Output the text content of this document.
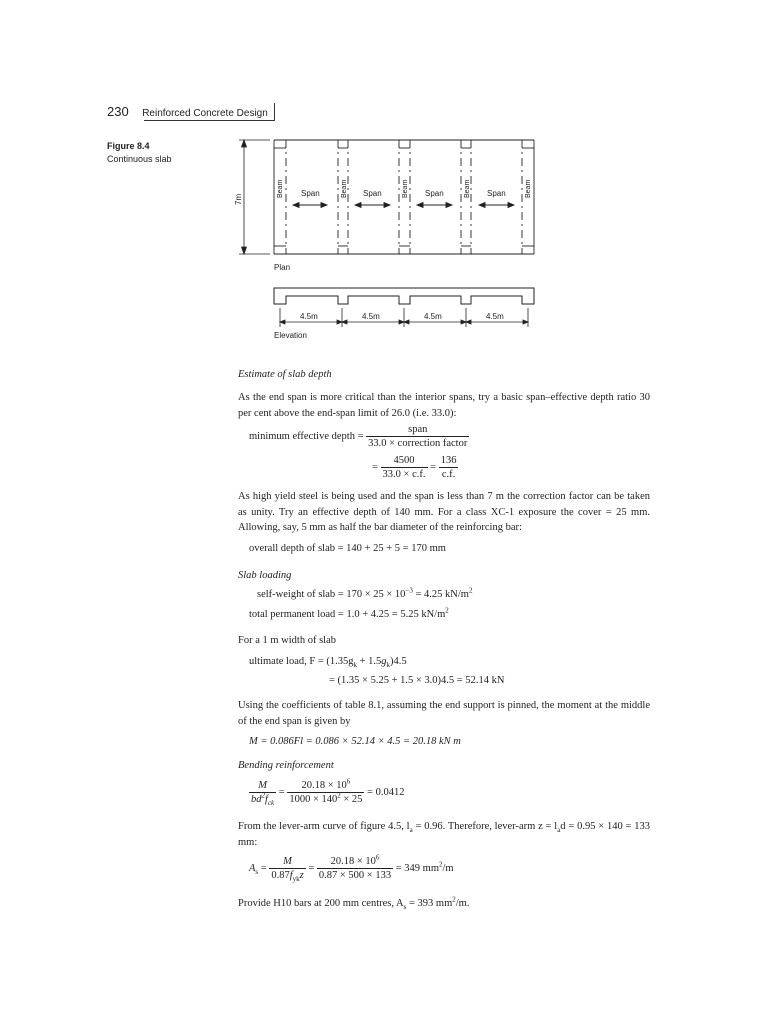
230 Reinforced Concrete Design
Figure 8.4
Continuous slab
7m
Beam	Beam	Beam	Beam	Beam
Span	Span	Span	Span
Plan
4.5m	4.5m	4.5m	4.5m
Elevation
Estimate of slab depth
As the end span is more critical than the interior spans, try a basic span–effective depth ratio 30 per cent above the end-span limit of 26.0 (i.e. 33.0):
minimum effective depth = $\frac{\text{span}}{\text{33.0 × correction factor}}$
= $\frac{4500}{33.0 \times c.f.} = \frac{136}{c.f.}$
As high yield steel is being used and the span is less than 7 m the correction factor can be taken as unity. Try an effective depth of 140 mm. For a class XC-1 exposure the cover = 25 mm. Allowing, say, 5 mm as half the bar diameter of the reinforcing bar:
overall depth of slab = 140 + 25 + 5 = 170 mm
Slab loading
self-weight of slab = $170 \times 25 \times 10^{-3} = 4.25$ $kN/m^2$
total permanent load = 1.0 + 4.25 = 5.25 $kN/m^2$
For a 1 m width of slab
ultimate load, $F = (1.35g_k + 1.5g_k)4.5$
= (1.35 × 5.25 + 1.5 × 3.0)4.5 = 52.14 kN
Using the coefficients of table 8.1, assuming the end support is pinned, the moment at the middle of the end span is given by
M = 0.086Fl = 0.086 × 52.14 × 4.5 = 20.18 kN m
Bending reinforcement
$\frac{M}{bd^2f_{ck}} = \frac{20.18 \times 10^6}{1000 \times 140^2 \times 25} = 0.0412$
From the lever-arm curve of figure 4.5, $l_a = 0.96$. Therefore, lever-arm $z = l_ad = 0.95 \times 140 = 133$ mm:
$A_s = \frac{M}{0.87f_{yk}z} = \frac{20.18 \times 10^6}{0.87 \times 500 \times 133} = 349$ $mm^2/m$
Provide H10 bars at 200 mm centres, $A_s = 393$ $mm^2/m$.
